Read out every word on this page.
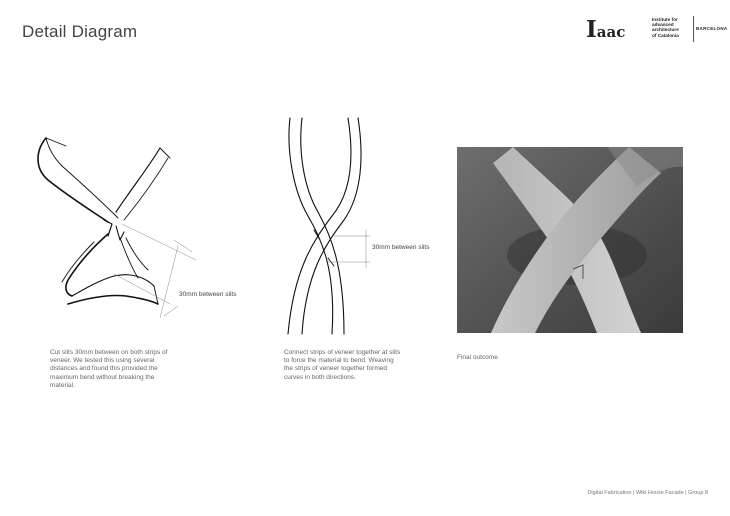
Detail Diagram	Iaac
Institute for
advanced
architecture
of Catalonia
BARCELONA
30mm between slits
Cut slits 30mm between on both strips of veneer. We tested this using several distances and found this provided the maximum bend without breaking the material.
30mm between slits
Connect strips of veneer together at slits to force the material to bend. Weaving the strips of veneer together formed curves in both directions.
Final outcome
Digital Fabrication | Wiki House Facade | Group 8
